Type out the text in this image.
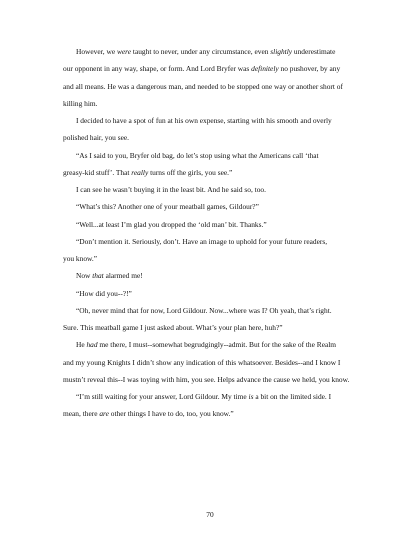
However, we were taught to never, under any circumstance, even slightly underestimate
our opponent in any way, shape, or form. And Lord Bryfer was definitely no pushover, by any
and all means. He was a dangerous man, and needed to be stopped one way or another short of
killing him.
I decided to have a spot of fun at his own expense, starting with his smooth and overly
polished hair, you see.
“As I said to you, Bryfer old bag, do let’s stop using what the Americans call ‘that
greasy-kid stuff’. That really turns off the girls, you see.”
I can see he wasn’t buying it in the least bit. And he said so, too.
“What’s this? Another one of your meatball games, Gildour?”
“Well...at least I’m glad you dropped the ‘old man’ bit. Thanks.”
“Don’t mention it. Seriously, don’t. Have an image to uphold for your future readers,
you know.”
Now that alarmed me!
“How did you--?!”
“Oh, never mind that for now, Lord Gildour. Now...where was I? Oh yeah, that’s right.
Sure. This meatball game I just asked about. What’s your plan here, huh?”
He had me there, I must--somewhat begrudgingly--admit. But for the sake of the Realm
and my young Knights I didn’t show any indication of this whatsoever. Besides--and I know I
mustn’t reveal this--I was toying with him, you see. Helps advance the cause we held, you know.
“I’m still waiting for your answer, Lord Gildour. My time is a bit on the limited side. I
mean, there are other things I have to do, too, you know.”
70
